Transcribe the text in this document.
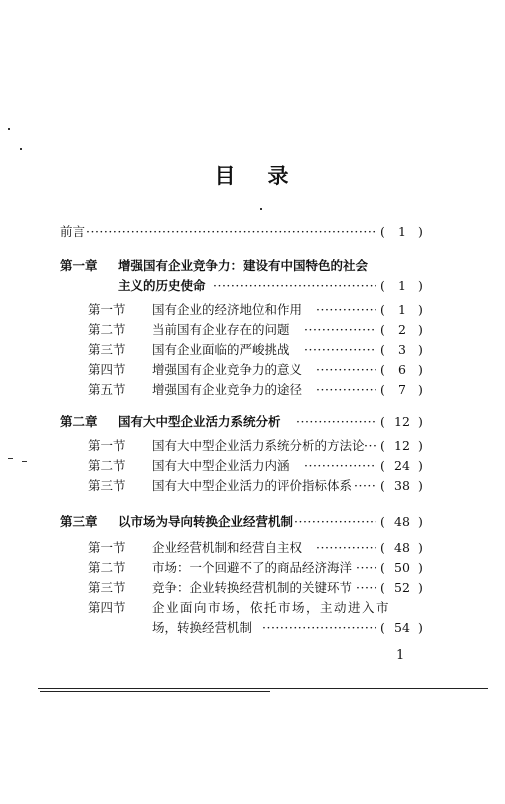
目 录
前言 ·····	(	1 )
第一章 增强国有企业竞争力：建设有中国特色的社会
主义的历史使命 ·····	(	1 )
第一节 国有企业的经济地位和作用 ·····	(	1 )
第二节 当前国有企业存在的问题 ·····	(	2 )
第三节 国有企业面临的严峻挑战 ·····	(	3 )
第四节 增强国有企业竞争力的意义 ·····	(	6 )
第五节 增强国有企业竞争力的途径 ·····	(	7 )
第二章 国有大中型企业活力系统分析 ·····	( 12 )
第一节 国有大中型企业活力系统分析的方法论 ····· ( 12 )
第二节 国有大中型企业活力内涵 ·····	( 24 )
第三节 国有大中型企业活力的评价指标体系 ····· ( 38 )
第三章 以市场为导向转换企业经营机制 ·····	( 48 )
第一节 企业经营机制和经营自主权 ·····	( 48 )
第二节 市场：一个回避不了的商品经济海洋 ····· ( 50 )
第三节 竞争：企业转换经营机制的关键环节 ····· ( 52 )
第四节 企业面向市场，依托市场，主动进入市
场，转换经营机制 ·····	( 54 )
1
